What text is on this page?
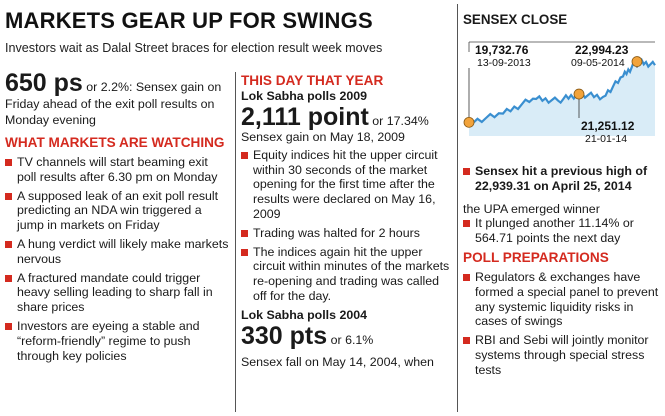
MARKETS GEAR UP FOR SWINGS
Investors wait as Dalal Street braces for election result week moves
650 ps or 2.2%: Sensex gain on Friday ahead of the exit poll results on Monday evening
WHAT MARKETS ARE WATCHING
TV channels will start beaming exit poll results after 6.30 pm on Monday
A supposed leak of an exit poll result predicting an NDA win triggered a jump in markets on Friday
A hung verdict will likely make markets nervous
A fractured mandate could trigger heavy selling leading to sharp fall in share prices
Investors are eyeing a stable and “reform-friendly” regime to push through key policies
THIS DAY THAT YEAR
Lok Sabha polls 2009
2,111 point or 17.34%
Sensex gain on May 18, 2009
Equity indices hit the upper circuit within 30 seconds of the market opening for the first time after the results were declared on May 16, 2009
Trading was halted for 2 hours
The indices again hit the upper circuit within minutes of the markets re-opening and trading was called off for the day.
Lok Sabha polls 2004
330 pts or 6.1%
Sensex fall on May 14, 2004, when
SENSEX CLOSE
19,732.76
13-09-2013
22,994.23
09-05-2014
21,251.12
21-01-14
Sensex hit a previous high of 22,939.31 on April 25, 2014
the UPA emerged winner
It plunged another 11.14% or 564.71 points the next day
POLL PREPARATIONS
Regulators & exchanges have formed a special panel to prevent any systemic liquidity risks in cases of swings
RBI and Sebi will jointly monitor systems through special stress tests
